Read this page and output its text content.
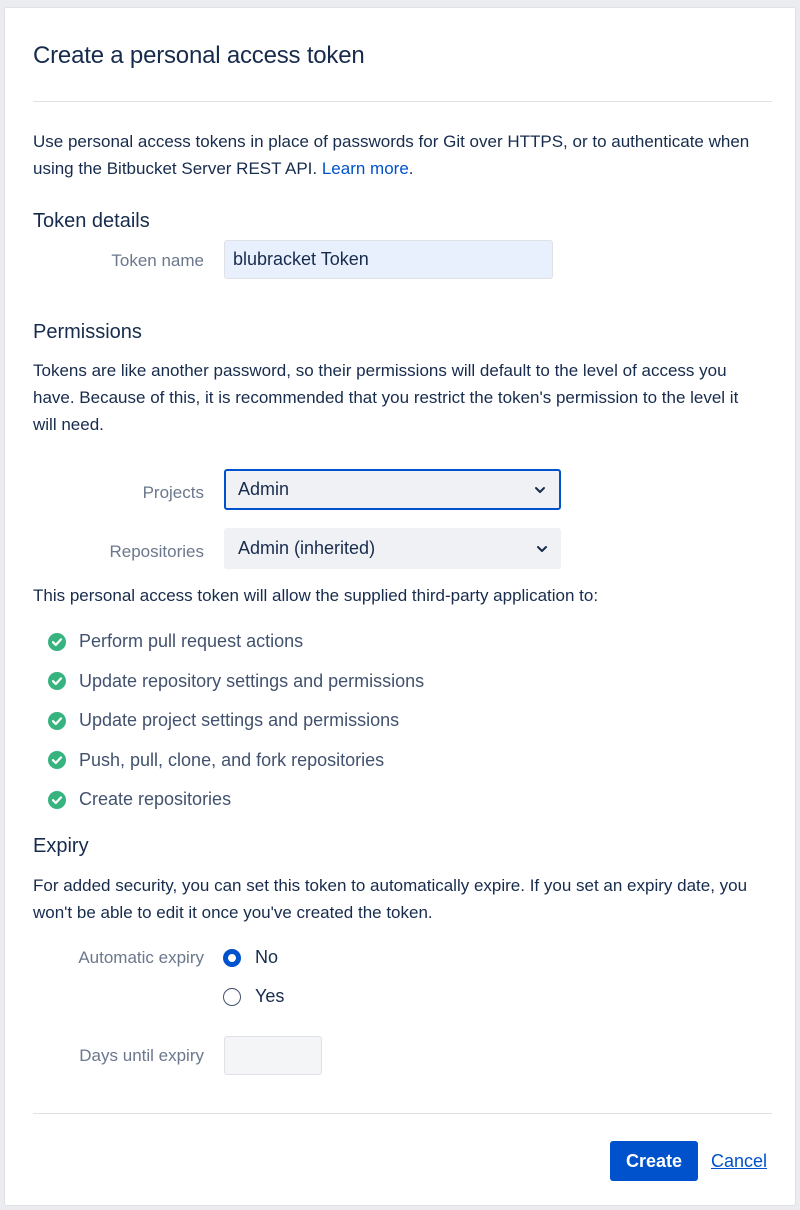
Create a personal access token

Use personal access tokens in place of passwords for Git over HTTPS, or to authenticate when using the Bitbucket Server REST API. Learn more.

Token details
Token name
blubracket Token
Permissions

Tokens are like another password, so their permissions will default to the level of access you have. Because of this, it is recommended that you restrict the token's permission to the level it will need.

Projects Admin
Repositories Admin (inherited)

This personal access token will allow the supplied third-party application to:

Perform pull request actions
Update repository settings and permissions
Update project settings and permissions
Push, pull, clone, and fork repositories
Create repositories
Expiry

For added security, you can set this token to automatically expire. If you set an expiry date, you won't be able to edit it once you've created the token.

Automatic expiry	No
Yes
Days until expiry
Create	Cancel
